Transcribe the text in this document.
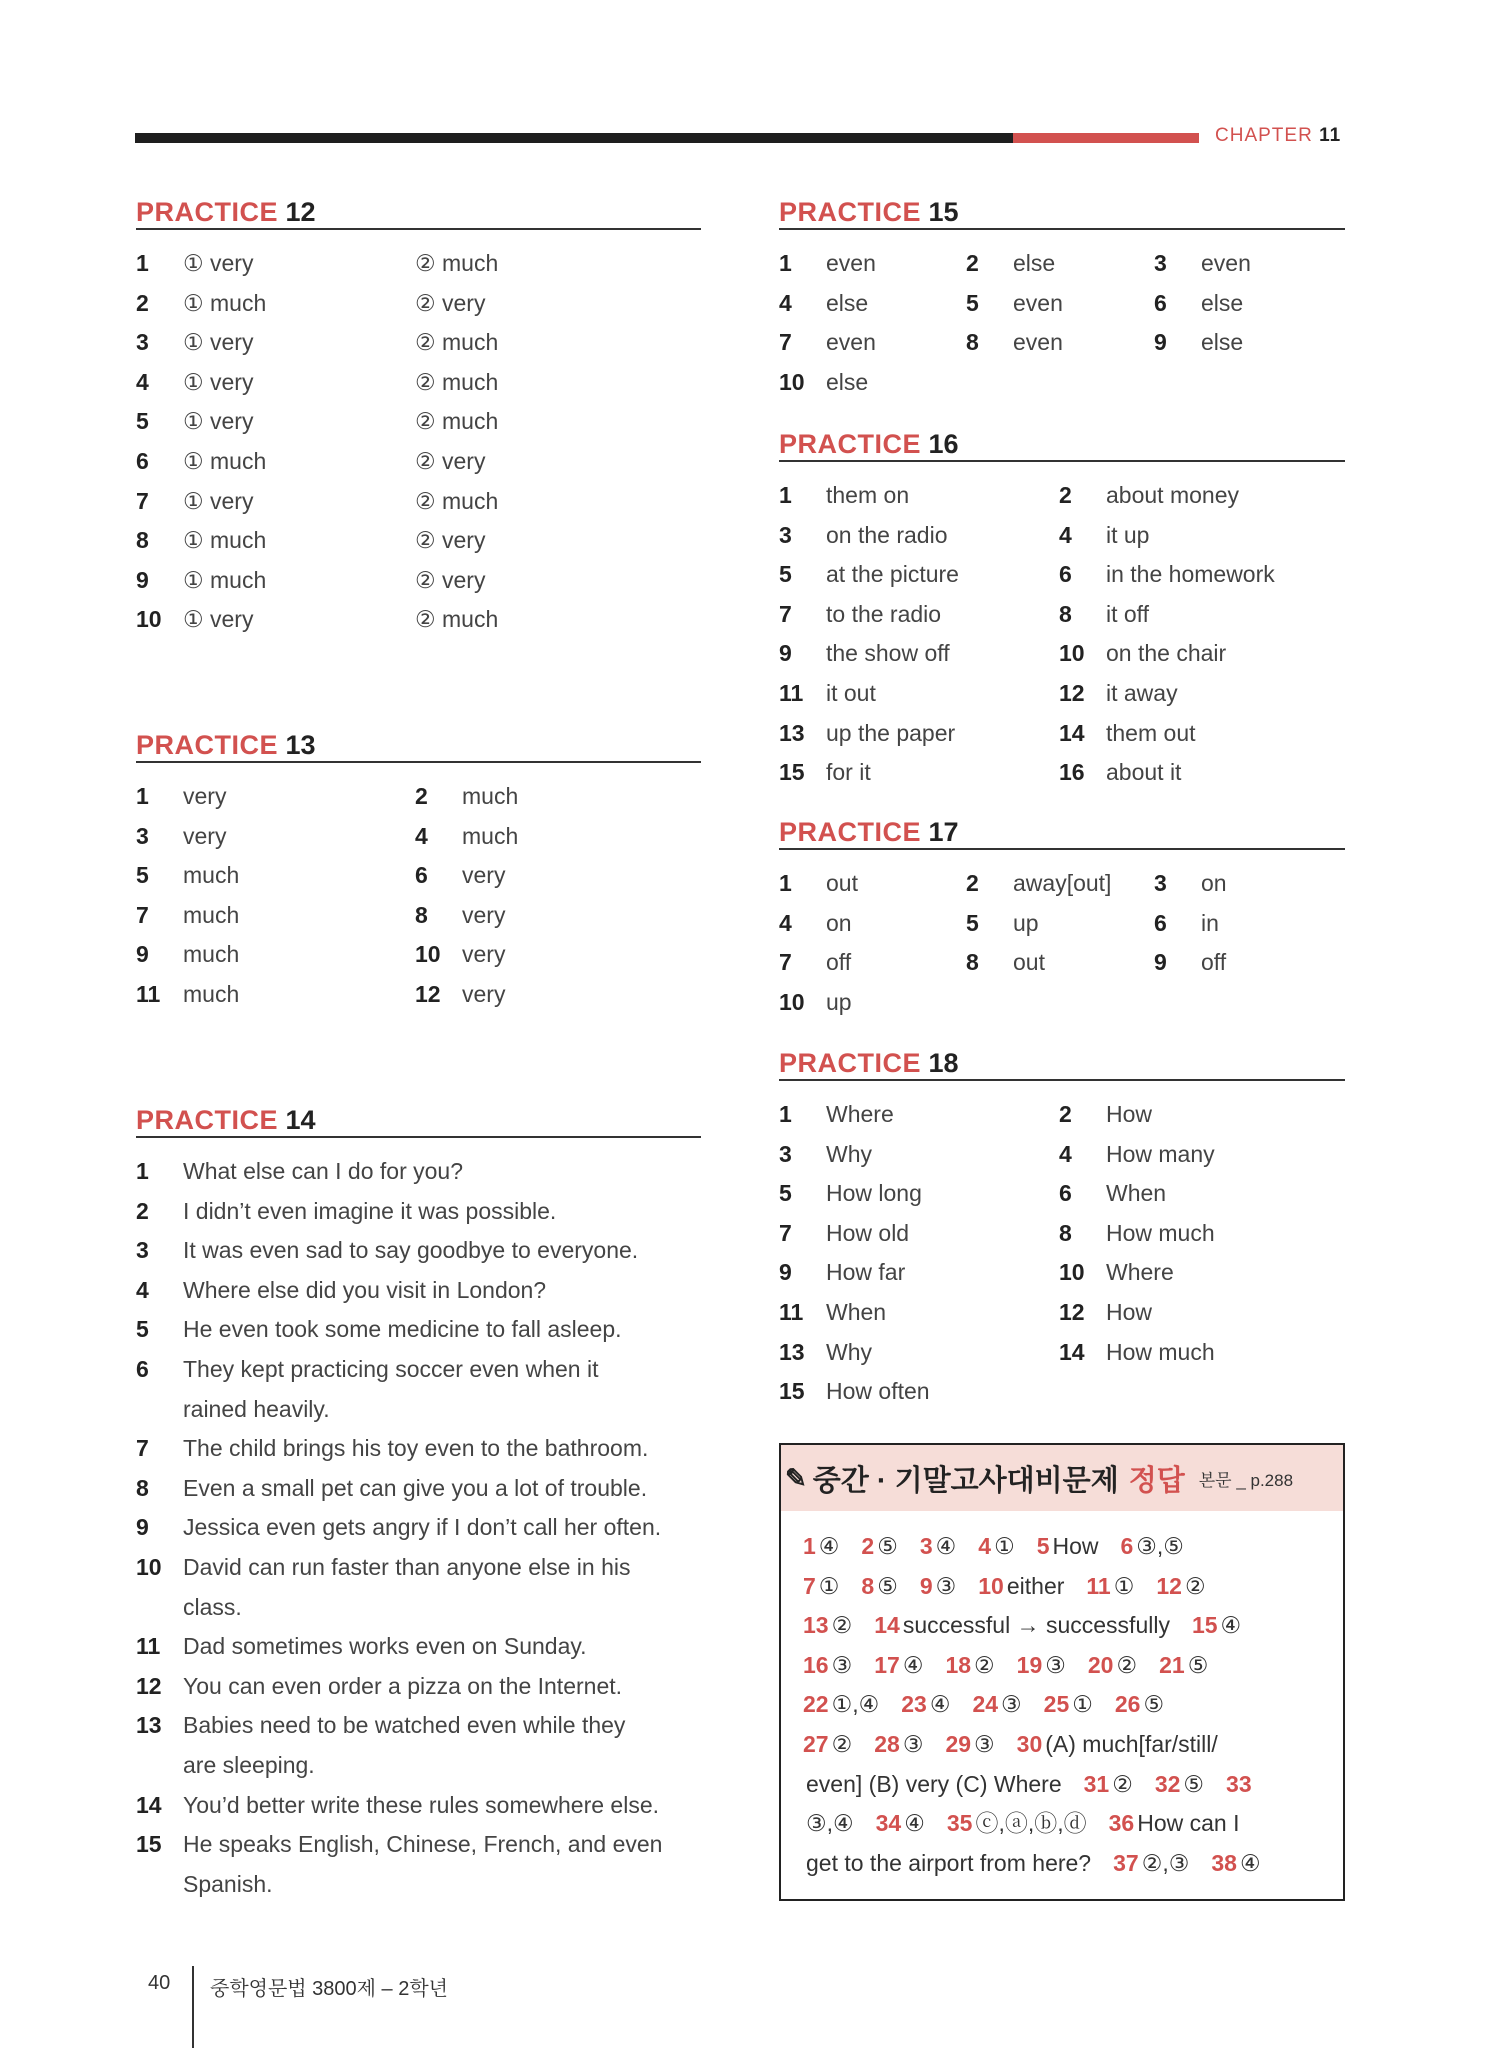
CHAPTER 11
PRACTICE 12
1	① very	② much
2	① much	② very
3	① very	② much
4	① very	② much
5	① very	② much
6	① much	② very
7	① very	② much
8	① much	② very
9	① much	② very
10 ① very	② much
PRACTICE 13
1	very	2	much
3	very	4	much
5	much	6	very
7	much	8	very
9	much	10 very
11 much	12 very
PRACTICE 14
1	What else can I do for you?
2	I didn’t even imagine it was possible.
3	It was even sad to say goodbye to everyone.
4	Where else did you visit in London?
5	He even took some medicine to fall asleep.
6	They kept practicing soccer even when it
rained heavily.
7	The child brings his toy even to the bathroom.
8	Even a small pet can give you a lot of trouble.
9	Jessica even gets angry if I don’t call her often.
10 David can run faster than anyone else in his
class.
11 Dad sometimes works even on Sunday.
12 You can even order a pizza on the Internet.
13 Babies need to be watched even while they
are sleeping.
14 You’d better write these rules somewhere else.
15 He speaks English, Chinese, French, and even
Spanish.
PRACTICE 15
1	even	2	else	3	even
4	else	5	even	6	else
7	even	8	even	9	else
10 else
PRACTICE 16
1	them on	2	about money
3	on the radio	4	it up
5	at the picture	6	in the homework
7	to the radio	8	it off
9	the show off	10 on the chair
11 it out	12 it away
13 up the paper	14 them out
15 for it	16 about it
PRACTICE 17
1	out	2	away[out] 3	on
4	on	5	up	6	in
7	off	8	out	9	off
10 up
PRACTICE 18
1	Where	2	How
3	Why	4	How many
5	How long	6	When
7	How old	8	How much
9	How far	10 Where
11 When	12 How
13 Why	14 How much
15 How often
✎ 중간 · 기말고사대비문제 정답 본문 _ p.288
1 ④ 2 ⑤ 3 ④ 4 ① 5 How 6 ③,⑤
7 ① 8 ⑤ 9 ③ 10 either 11 ① 12 ②
13 ② 14 successful → successfully 15 ④
16 ③ 17 ④ 18 ② 19 ③ 20 ② 21 ⑤
22 ①,④ 23 ④ 24 ③ 25 ① 26 ⑤
27 ② 28 ③ 29 ③ 30 (A) much[far/still/
even] (B) very (C) Where 31 ② 32 ⑤ 33
③,④ 34 ④ 35 ⓒ,ⓐ,ⓑ,ⓓ 36 How can I
get to the airport from here? 37 ②,③ 38 ④
40 중학영문법 3800제 – 2학년
